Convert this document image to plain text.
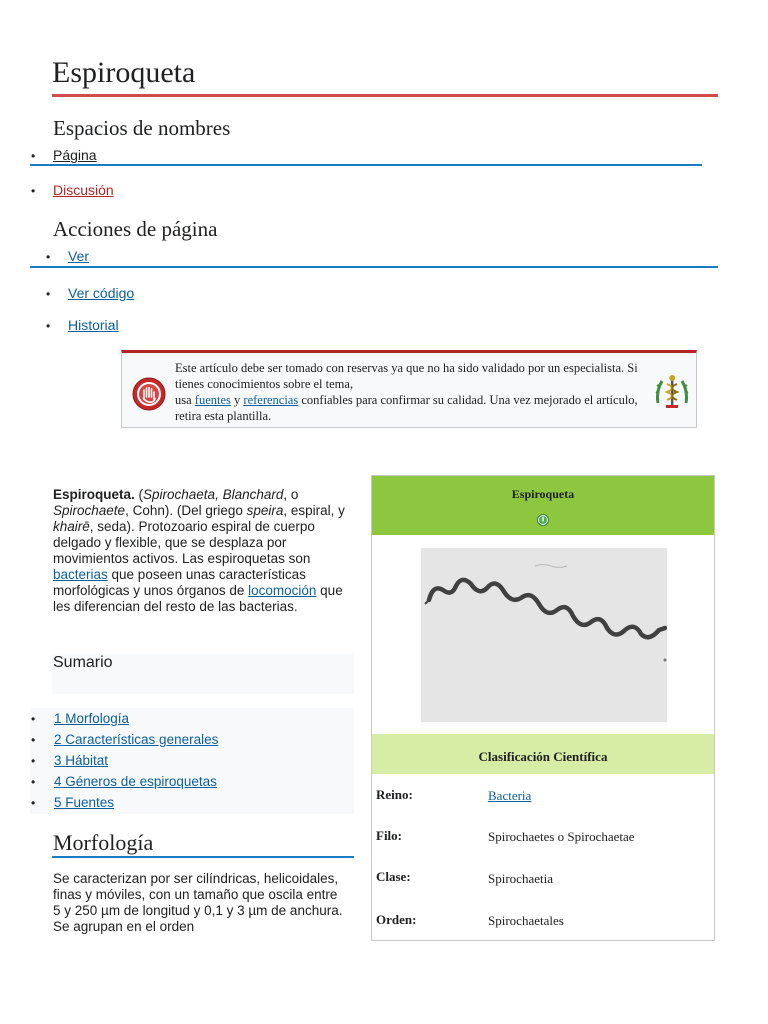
Espiroqueta
Espacios de nombres
• Página
• Discusión
Acciones de página
• Ver
• Ver código
• Historial
Este artículo debe ser tomado con reservas ya que no ha sido validado por un especialista. Si tienes conocimientos sobre el tema,
usa fuentes y referencias confiables para confirmar su calidad. Una vez mejorado el artículo, retira esta plantilla.
Espiroqueta. (Spirochaeta, Blanchard, o Spirochaete, Cohn). (Del griego speira, espiral, y khairē, seda). Protozoario espiral de cuerpo delgado y flexible, que se desplaza por movimientos activos. Las espiroquetas son bacterias que poseen unas características morfológicas y unos órganos de locomoción que les diferencian del resto de las bacterias.
Sumario
• 1 Morfología
• 2 Características generales
• 3 Hábitat
• 4 Géneros de espiroquetas
• 5 Fuentes
Morfología
Se caracterizan por ser cilíndricas, helicoidales, finas y móviles, con un tamaño que oscila entre 5 y 250 µm de longitud y 0,1 y 3 µm de anchura. Se agrupan en el orden
Espiroqueta
Clasificación Científica
Reino:	Bacteria
Filo:	Spirochaetes o Spirochaetae
Clase:	Spirochaetia
Orden:	Spirochaetales
